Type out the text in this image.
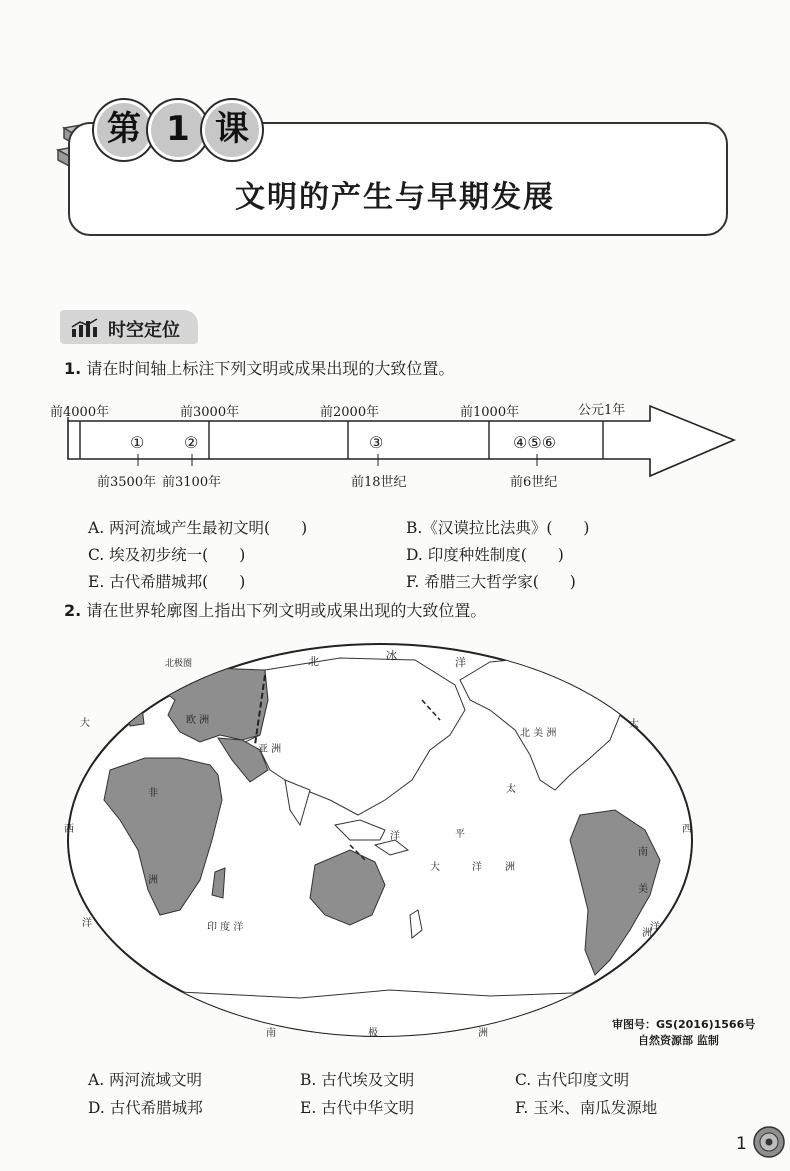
第 1 课
文明的产生与早期发展
时空定位
1. 请在时间轴上标注下列文明或成果出现的大致位置。
前4000年	前3000年	前2000年	前1000年	公元1年
① ②	③	④⑤⑥
前3500年 前3100年	前18世纪	前6世纪
A. 两河流域产生最初文明(　　)	B.《汉谟拉比法典》(　　)
C. 埃及初步统一(　　)	D. 印度种姓制度(　　)
E. 古代希腊城邦(　　)	F. 希腊三大哲学家(　　)
2. 请在世界轮廓图上指出下列文明或成果出现的大致位置。
北极圈	北	冰
洋
欧 洲
亚 洲
非
洲
北 美 洲
南
美
洲
太
平
洋
大	洋 洲
印 度 洋
大
西
洋
大
西
洋
南	极	洲
审图号：GS(2016)1566号
自然资源部 监制
A. 两河流域文明	B. 古代埃及文明	C. 古代印度文明
D. 古代希腊城邦	E. 古代中华文明	F. 玉米、南瓜发源地
1
